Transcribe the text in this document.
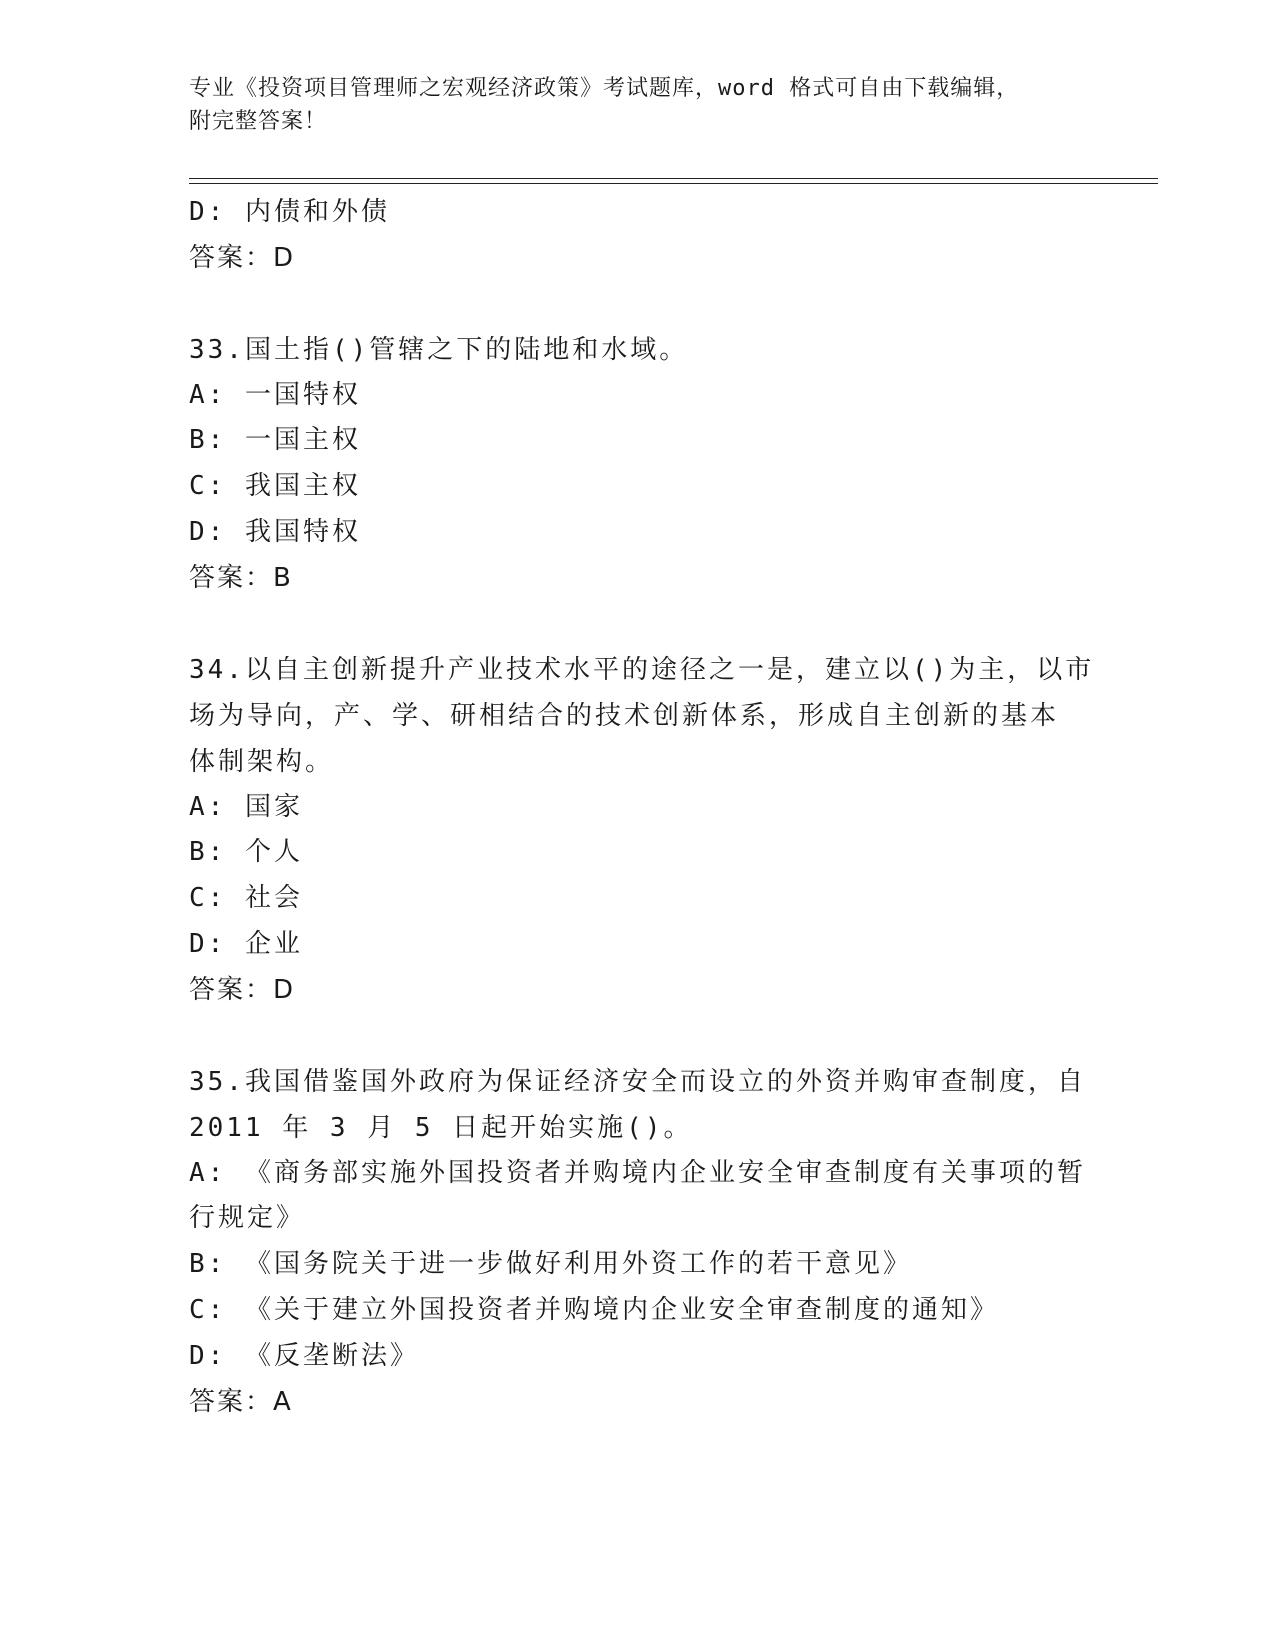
专业《投资项目管理师之宏观经济政策》考试题库，word 格式可自由下载编辑，
附完整答案！
D: 内债和外债
答案：D
33.国土指()管辖之下的陆地和水域。
A: 一国特权
B: 一国主权
C: 我国主权
D: 我国特权
答案：B
34.以自主创新提升产业技术水平的途径之一是，建立以()为主，以市
场为导向，产、学、研相结合的技术创新体系，形成自主创新的基本
体制架构。
A: 国家
B: 个人
C: 社会
D: 企业
答案：D
35.我国借鉴国外政府为保证经济安全而设立的外资并购审查制度，自
2011 年 3 月 5 日起开始实施()。
A: 《商务部实施外国投资者并购境内企业安全审查制度有关事项的暂
行规定》
B: 《国务院关于进一步做好利用外资工作的若干意见》
C: 《关于建立外国投资者并购境内企业安全审查制度的通知》
D: 《反垄断法》
答案：A
